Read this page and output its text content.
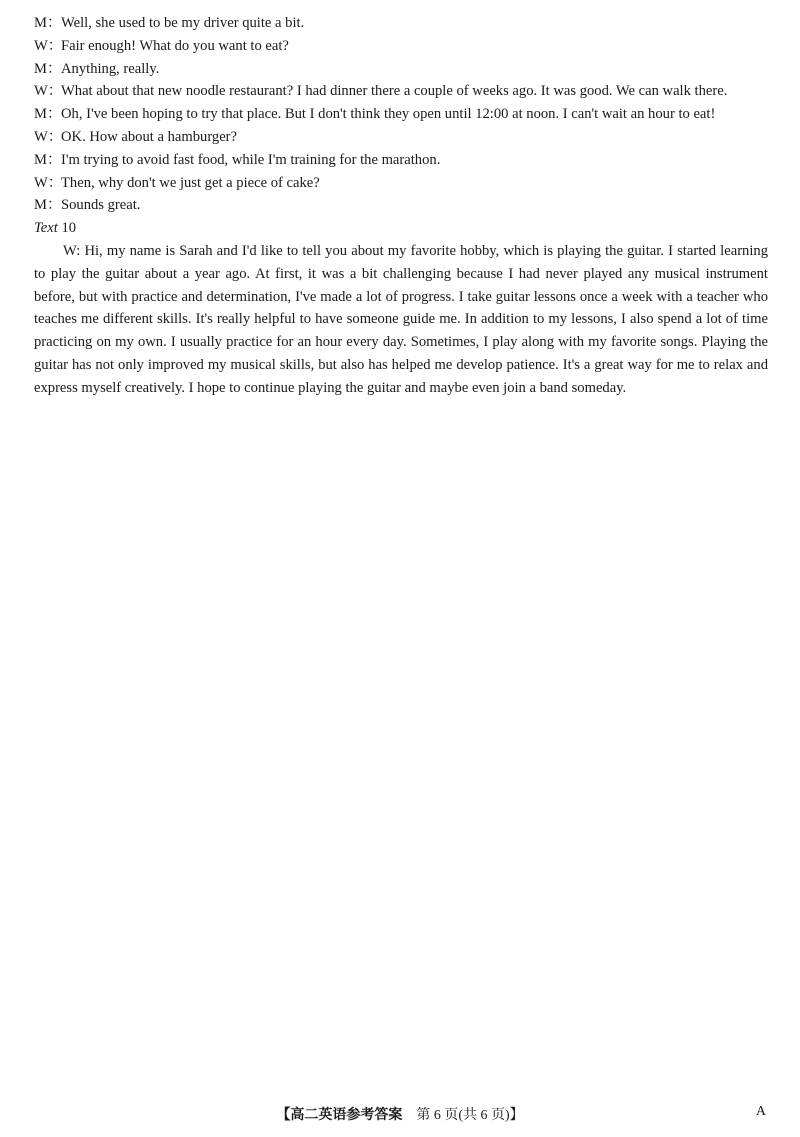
M： Well, she used to be my driver quite a bit.
W：
Fair enough! What do you want to eat?
M： Anything, really.
W：
What about that new noodle restaurant? I had dinner there a couple of weeks ago. It was good. We can walk there.
M： Oh, I've been hoping to try that place. But I don't think they open until 12:00 at noon. I can't wait an hour to eat!
W：
OK. How about a hamburger?
M： I'm trying to avoid fast food, while I'm training for the marathon.
W：
Then, why don't we just get a piece of cake?
M： Sounds great.
Text 10
W: Hi, my name is Sarah and I'd like to tell you about my favorite hobby, which is playing the guitar. I started learning to play the guitar about a year ago. At first, it was a bit challenging because I had never played any musical instrument before, but with practice and determination, I've made a lot of progress. I take guitar lessons once a week with a teacher who teaches me different skills. It's really helpful to have someone guide me. In addition to my lessons, I also spend a lot of time practicing on my own. I usually practice for an hour every day. Sometimes, I play along with my favorite songs. Playing the guitar has not only improved my musical skills, but also has helped me develop patience. It's a great way for me to relax and express myself creatively. I hope to continue playing the guitar and maybe even join a band someday.
【高二英语参考答案 第 6 页(共 6 页)】	A
